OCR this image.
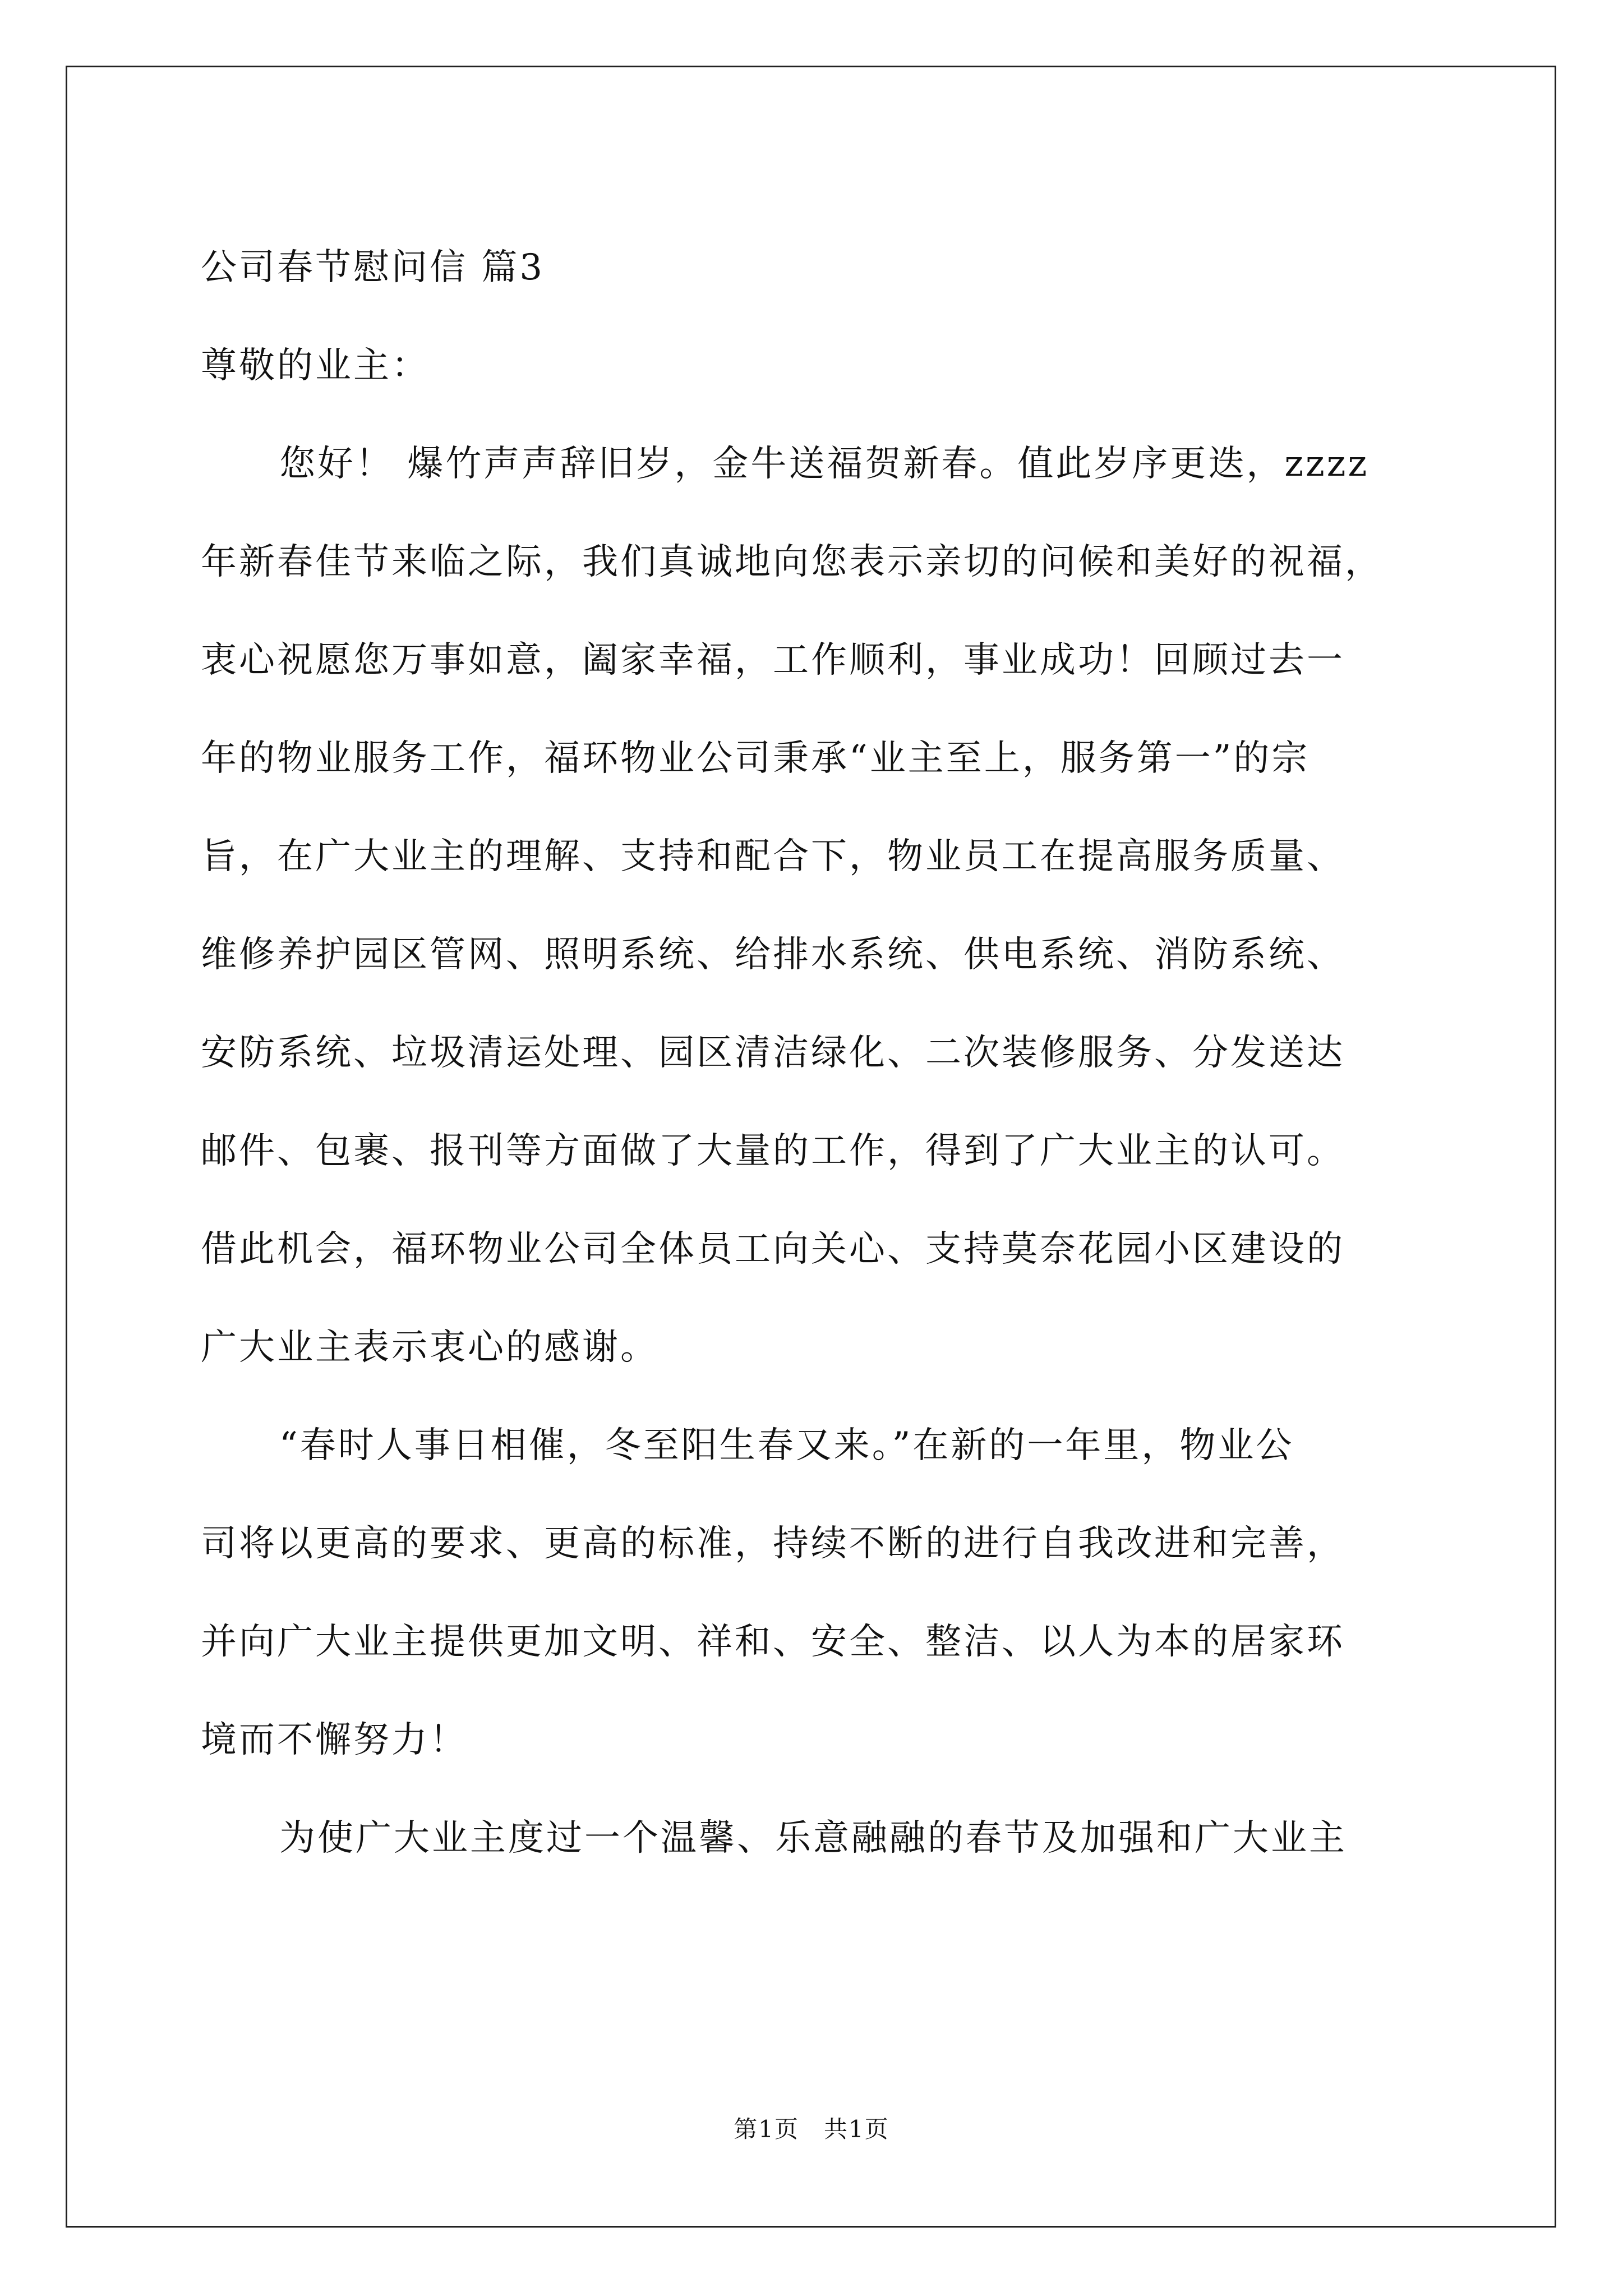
公司春节慰问信 篇3
尊敬的业主：
您好！ 爆竹声声辞旧岁，金牛送福贺新春。值此岁序更迭，zzzz
年新春佳节来临之际，我们真诚地向您表示亲切的问候和美好的祝福，
衷心祝愿您万事如意，阖家幸福，工作顺利，事业成功！回顾过去一
年的物业服务工作，福环物业公司秉承“业主至上，服务第一”的宗
旨，在广大业主的理解、支持和配合下，物业员工在提高服务质量、
维修养护园区管网、照明系统、给排水系统、供电系统、消防系统、
安防系统、垃圾清运处理、园区清洁绿化、二次装修服务、分发送达
邮件、包裹、报刊等方面做了大量的工作，得到了广大业主的认可。
借此机会，福环物业公司全体员工向关心、支持莫奈花园小区建设的
广大业主表示衷心的感谢。
“春时人事日相催，冬至阳生春又来。”在新的一年里，物业公
司将以更高的要求、更高的标准，持续不断的进行自我改进和完善，
并向广大业主提供更加文明、祥和、安全、整洁、以人为本的居家环
境而不懈努力！
为使广大业主度过一个温馨、乐意融融的春节及加强和广大业主
第1页　共1页
